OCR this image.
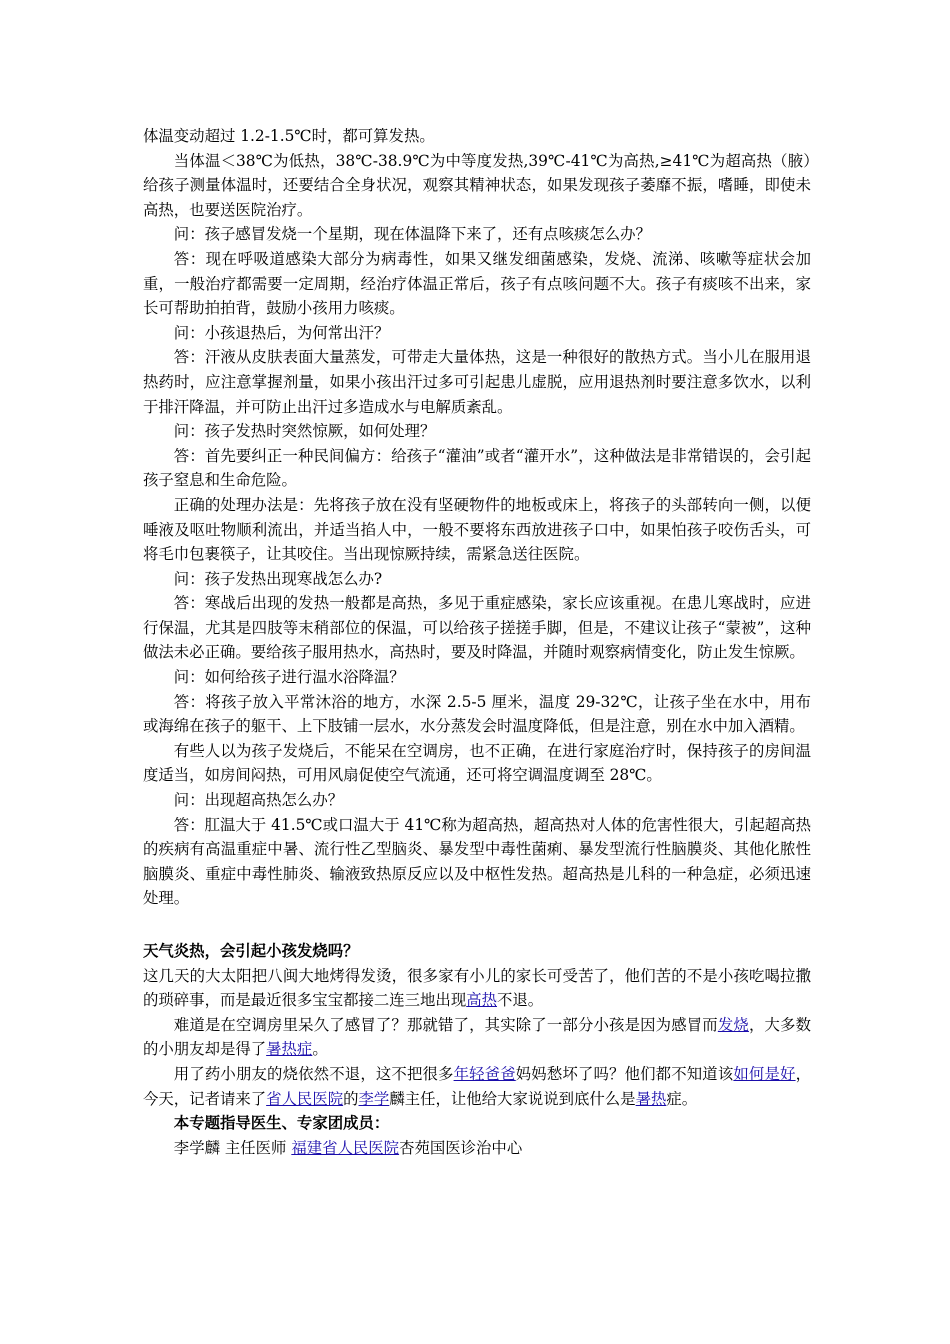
体温变动超过 1.2-1.5℃时，都可算发热。

当体温＜38℃为低热，38℃-38.9℃为中等度发热,39℃-41℃为高热,≥41℃为超高热（腋）给孩子测量体温时，还要结合全身状况，观察其精神状态，如果发现孩子萎靡不振，嗜睡，即使未高热，也要送医院治疗。

问：孩子感冒发烧一个星期，现在体温降下来了，还有点咳痰怎么办？

答：现在呼吸道感染大部分为病毒性，如果又继发细菌感染，发烧、流涕、咳嗽等症状会加重，一般治疗都需要一定周期，经治疗体温正常后，孩子有点咳问题不大。孩子有痰咳不出来，家长可帮助拍拍背，鼓励小孩用力咳痰。

问：小孩退热后，为何常出汗？

答：汗液从皮肤表面大量蒸发，可带走大量体热，这是一种很好的散热方式。当小儿在服用退热药时，应注意掌握剂量，如果小孩出汗过多可引起患儿虚脱，应用退热剂时要注意多饮水，以利于排汗降温，并可防止出汗过多造成水与电解质紊乱。

问：孩子发热时突然惊厥，如何处理？

答：首先要纠正一种民间偏方：给孩子“灌油”或者“灌开水”，这种做法是非常错误的，会引起孩子窒息和生命危险。

正确的处理办法是：先将孩子放在没有坚硬物件的地板或床上，将孩子的头部转向一侧，以便唾液及呕吐物顺利流出，并适当掐人中，一般不要将东西放进孩子口中，如果怕孩子咬伤舌头，可将毛巾包裹筷子，让其咬住。当出现惊厥持续，需紧急送往医院。

问：孩子发热出现寒战怎么办?

答：寒战后出现的发热一般都是高热，多见于重症感染，家长应该重视。在患儿寒战时，应进行保温，尤其是四肢等末稍部位的保温，可以给孩子搓搓手脚，但是，不建议让孩子“蒙被”，这种做法未必正确。要给孩子服用热水，高热时，要及时降温，并随时观察病情变化，防止发生惊厥。

问：如何给孩子进行温水浴降温？

答：将孩子放入平常沐浴的地方，水深 2.5-5 厘米，温度 29-32℃，让孩子坐在水中，用布或海绵在孩子的躯干、上下肢铺一层水，水分蒸发会时温度降低，但是注意，别在水中加入酒精。

有些人以为孩子发烧后，不能呆在空调房，也不正确，在进行家庭治疗时，保持孩子的房间温度适当，如房间闷热，可用风扇促使空气流通，还可将空调温度调至 28℃。

问：出现超高热怎么办？

答：肛温大于 41.5℃或口温大于 41℃称为超高热，超高热对人体的危害性很大，引起超高热的疾病有高温重症中暑、流行性乙型脑炎、暴发型中毒性菌痢、暴发型流行性脑膜炎、其他化脓性脑膜炎、重症中毒性肺炎、输液致热原反应以及中枢性发热。超高热是儿科的一种急症，必须迅速处理。

天气炎热，会引起小孩发烧吗？

这几天的大太阳把八闽大地烤得发烫，很多家有小儿的家长可受苦了，他们苦的不是小孩吃喝拉撒的琐碎事，而是最近很多宝宝都接二连三地出现高热不退。

难道是在空调房里呆久了感冒了？那就错了，其实除了一部分小孩是因为感冒而发烧，大多数的小朋友却是得了暑热症。

用了药小朋友的烧依然不退，这不把很多年轻爸爸妈妈愁坏了吗？他们都不知道该如何是好，今天，记者请来了省人民医院的李学麟主任，让他给大家说说到底什么是暑热症。

本专题指导医生、专家团成员：

李学麟 主任医师 福建省人民医院杏苑国医诊治中心
